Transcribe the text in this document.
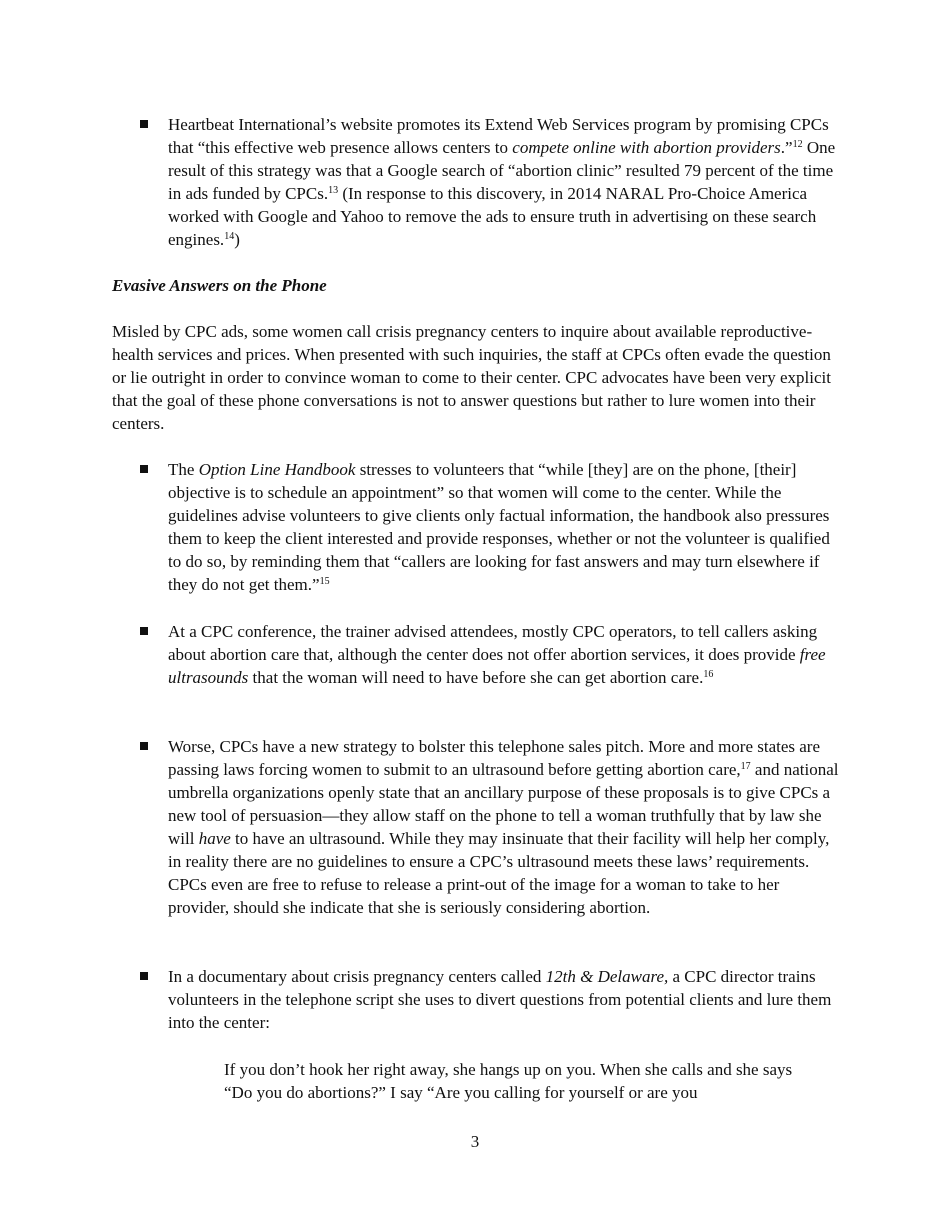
Heartbeat International’s website promotes its Extend Web Services program by promising CPCs that “this effective web presence allows centers to compete online with abortion providers.”$^{12}$ One result of this strategy was that a Google search of “abortion clinic” resulted 79 percent of the time in ads funded by CPCs.$^{13}$ (In response to this discovery, in 2014 NARAL Pro-Choice America worked with Google and Yahoo to remove the ads to ensure truth in advertising on these search engines.$^{14}$)

Evasive Answers on the Phone

Misled by CPC ads, some women call crisis pregnancy centers to inquire about available reproductive-health services and prices. When presented with such inquiries, the staff at CPCs often evade the question or lie outright in order to convince woman to come to their center. CPC advocates have been very explicit that the goal of these phone conversations is not to answer questions but rather to lure women into their centers.

The Option Line Handbook stresses to volunteers that “while [they] are on the phone, [their] objective is to schedule an appointment” so that women will come to the center. While the guidelines advise volunteers to give clients only factual information, the handbook also pressures them to keep the client interested and provide responses, whether or not the volunteer is qualified to do so, by reminding them that “callers are looking for fast answers and may turn elsewhere if they do not get them.”$^{15}$

At a CPC conference, the trainer advised attendees, mostly CPC operators, to tell callers asking about abortion care that, although the center does not offer abortion services, it does provide free ultrasounds that the woman will need to have before she can get abortion care.$^{16}$

Worse, CPCs have a new strategy to bolster this telephone sales pitch. More and more states are passing laws forcing women to submit to an ultrasound before getting abortion care,$^{17}$ and national umbrella organizations openly state that an ancillary purpose of these proposals is to give CPCs a new tool of persuasion—they allow staff on the phone to tell a woman truthfully that by law she will have to have an ultrasound. While they may insinuate that their facility will help her comply, in reality there are no guidelines to ensure a CPC’s ultrasound meets these laws’ requirements. CPCs even are free to refuse to release a print-out of the image for a woman to take to her provider, should she indicate that she is seriously considering abortion.

In a documentary about crisis pregnancy centers called 12th & Delaware, a CPC director trains volunteers in the telephone script she uses to divert questions from potential clients and lure them into the center:

If you don’t hook her right away, she hangs up on you. When she calls and she says “Do you do abortions?” I say “Are you calling for yourself or are you

3
